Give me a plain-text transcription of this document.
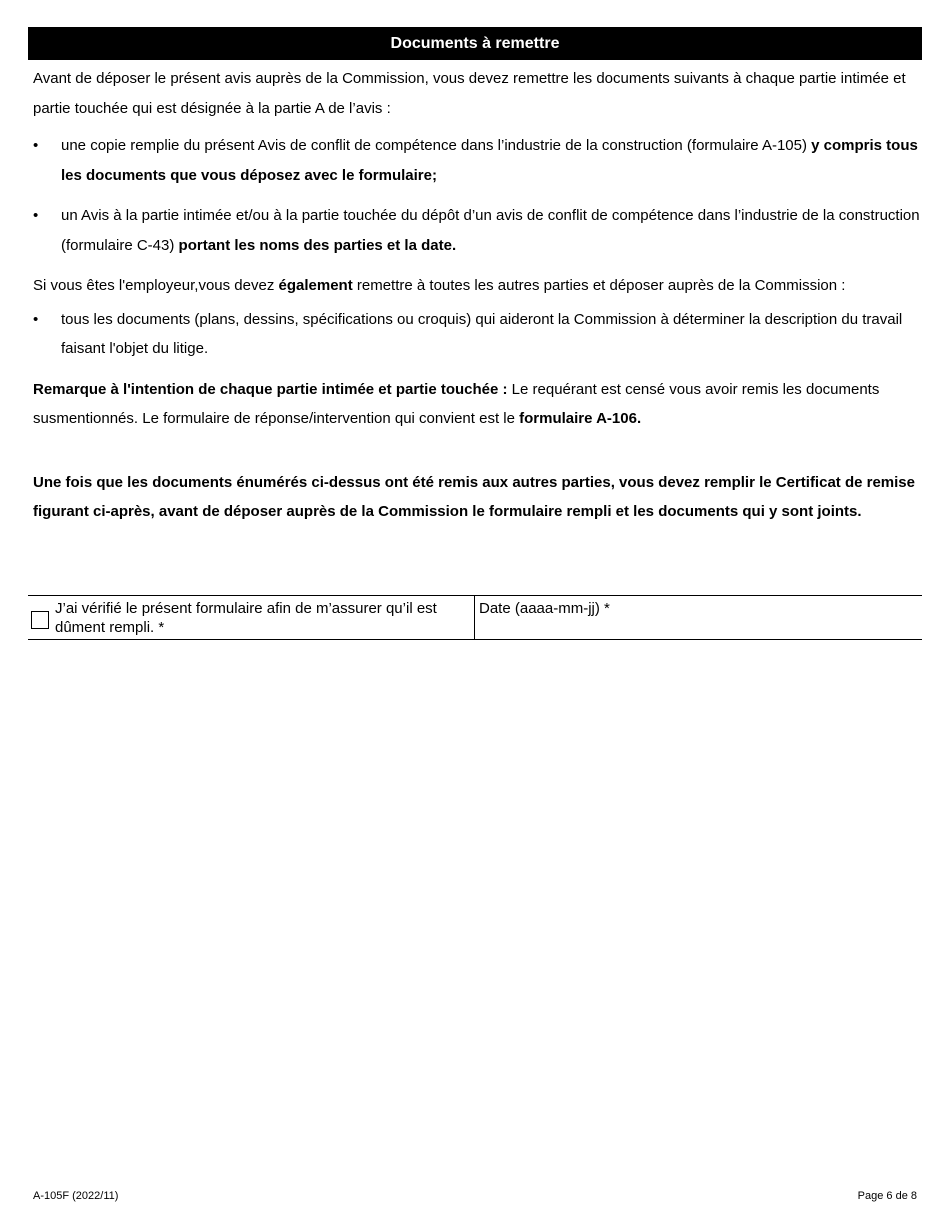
Documents à remettre

Avant de déposer le présent avis auprès de la Commission, vous devez remettre les documents suivants à chaque partie intimée et partie touchée qui est désignée à la partie A de l’avis :

•	une copie remplie du présent Avis de conflit de compétence dans l’industrie de la construction (formulaire A-105) y compris tous les documents que vous déposez avec le formulaire;
•	un Avis à la partie intimée et/ou à la partie touchée du dépôt d’un avis de conflit de compétence dans l’industrie de la construction (formulaire C-43) portant les noms des parties et la date.

Si vous êtes l'employeur,vous devez également remettre à toutes les autres parties et déposer auprès de la Commission :

•	tous les documents (plans, dessins, spécifications ou croquis) qui aideront la Commission à déterminer la description du travail faisant l'objet du litige.

Remarque à l'intention de chaque partie intimée et partie touchée : Le requérant est censé vous avoir remis les documents susmentionnés. Le formulaire de réponse/intervention qui convient est le formulaire A-106.

Une fois que les documents énumérés ci-dessus ont été remis aux autres parties, vous devez remplir le Certificat de remise figurant ci-après, avant de déposer auprès de la Commission le formulaire rempli et les documents qui y sont joints.

J’ai vérifié le présent formulaire afin de m’assurer qu’il est dûment rempli. *
Date (aaaa-mm-jj) *
A-105F (2022/11)	Page 6 de 8
